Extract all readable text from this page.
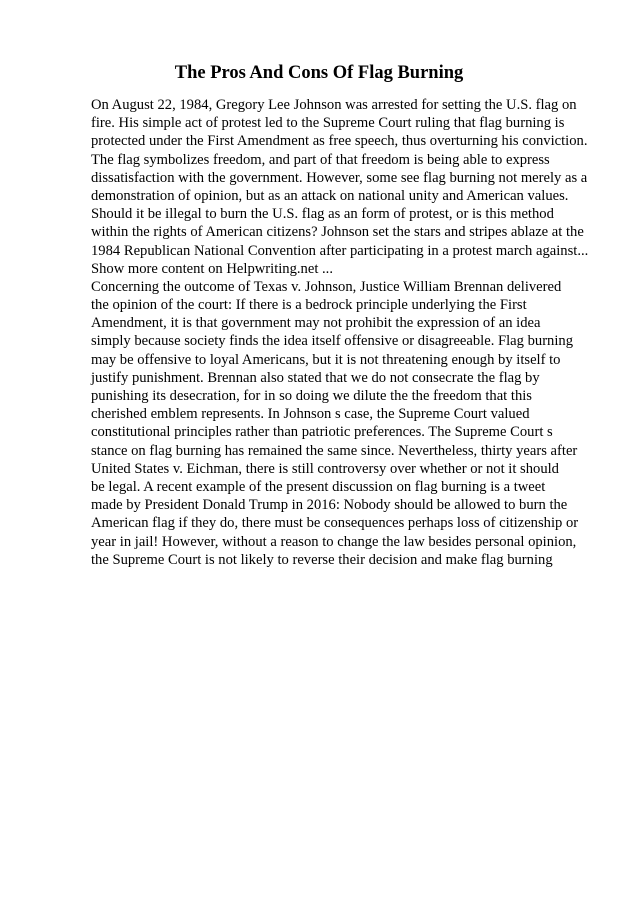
The Pros And Cons Of Flag Burning
On August 22, 1984, Gregory Lee Johnson was arrested for setting the U.S. flag on
fire. His simple act of protest led to the Supreme Court ruling that flag burning is
protected under the First Amendment as free speech, thus overturning his conviction.
The flag symbolizes freedom, and part of that freedom is being able to express
dissatisfaction with the government. However, some see flag burning not merely as a
demonstration of opinion, but as an attack on national unity and American values.
Should it be illegal to burn the U.S. flag as an form of protest, or is this method
within the rights of American citizens? Johnson set the stars and stripes ablaze at the
1984 Republican National Convention after participating in a protest march against...
Show more content on Helpwriting.net ...
Concerning the outcome of Texas v. Johnson, Justice William Brennan delivered
the opinion of the court: If there is a bedrock principle underlying the First
Amendment, it is that government may not prohibit the expression of an idea
simply because society finds the idea itself offensive or disagreeable. Flag burning
may be offensive to loyal Americans, but it is not threatening enough by itself to
justify punishment. Brennan also stated that we do not consecrate the flag by
punishing its desecration, for in so doing we dilute the the freedom that this
cherished emblem represents. In Johnson s case, the Supreme Court valued
constitutional principles rather than patriotic preferences. The Supreme Court s
stance on flag burning has remained the same since. Nevertheless, thirty years after
United States v. Eichman, there is still controversy over whether or not it should
be legal. A recent example of the present discussion on flag burning is a tweet
made by President Donald Trump in 2016: Nobody should be allowed to burn the
American flag if they do, there must be consequences perhaps loss of citizenship or
year in jail! However, without a reason to change the law besides personal opinion,
the Supreme Court is not likely to reverse their decision and make flag burning
